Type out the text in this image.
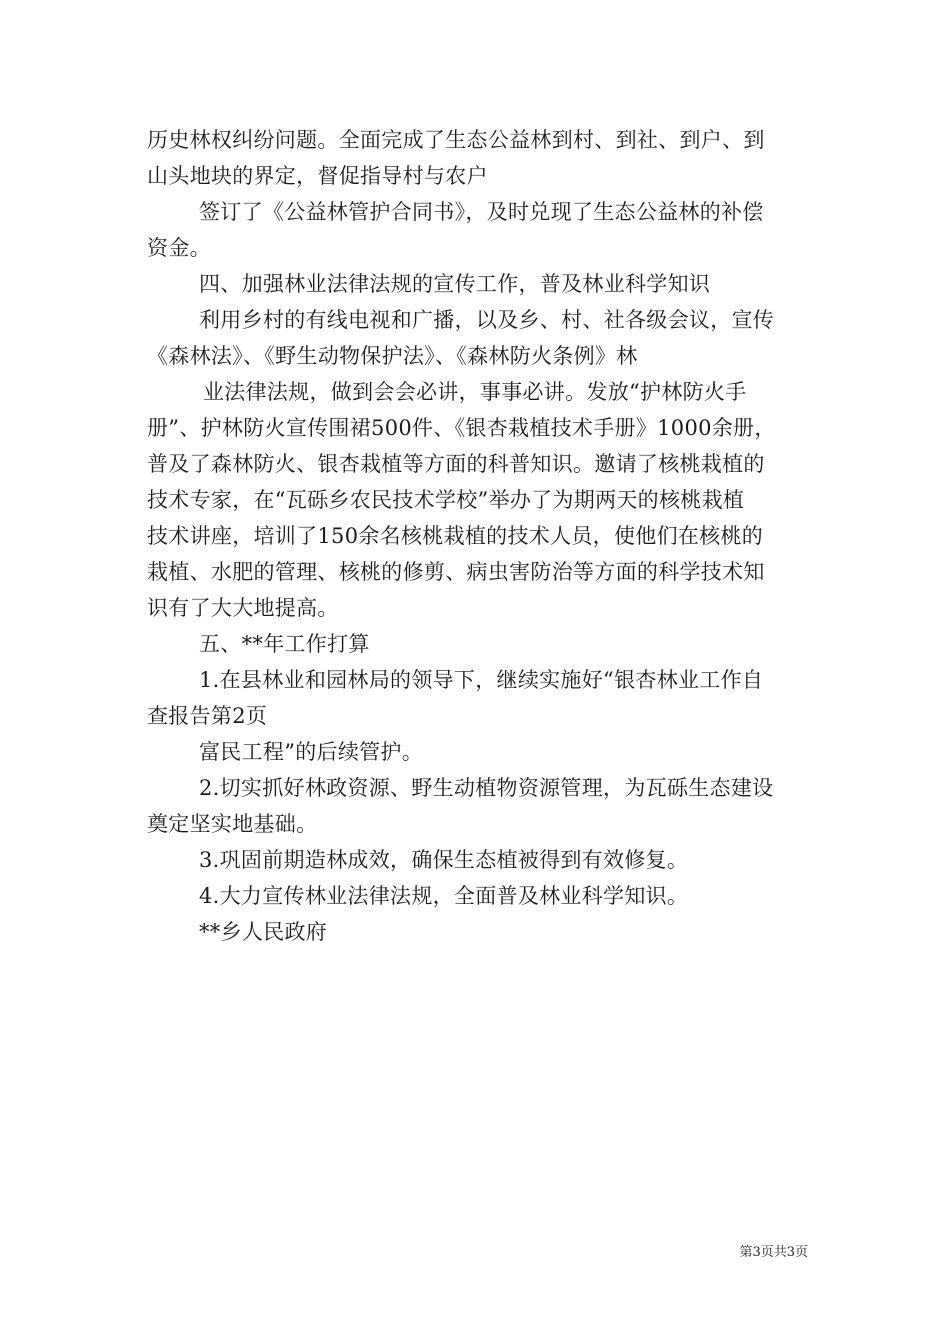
历史林权纠纷问题。全面完成了生态公益林到村、到社、到户、到
山头地块的界定，督促指导村与农户
签订了《公益林管护合同书》，及时兑现了生态公益林的补偿
资金。
四、加强林业法律法规的宣传工作，普及林业科学知识
利用乡村的有线电视和广播，以及乡、村、社各级会议，宣传
《森林法》、《野生动物保护法》、《森林防火条例》林
业法律法规，做到会会必讲，事事必讲。发放“护林防火手
册”、护林防火宣传围裙500件、《银杏栽植技术手册》1000余册，
普及了森林防火、银杏栽植等方面的科普知识。邀请了核桃栽植的
技术专家，在“瓦砾乡农民技术学校”举办了为期两天的核桃栽植
技术讲座，培训了150余名核桃栽植的技术人员，使他们在核桃的
栽植、水肥的管理、核桃的修剪、病虫害防治等方面的科学技术知
识有了大大地提高。
五、**年工作打算
1.在县林业和园林局的领导下，继续实施好“银杏林业工作自
查报告第2页
富民工程”的后续管护。
2.切实抓好林政资源、野生动植物资源管理，为瓦砾生态建设
奠定坚实地基础。
3.巩固前期造林成效，确保生态植被得到有效修复。
4.大力宣传林业法律法规，全面普及林业科学知识。
**乡人民政府
第3页共3页
